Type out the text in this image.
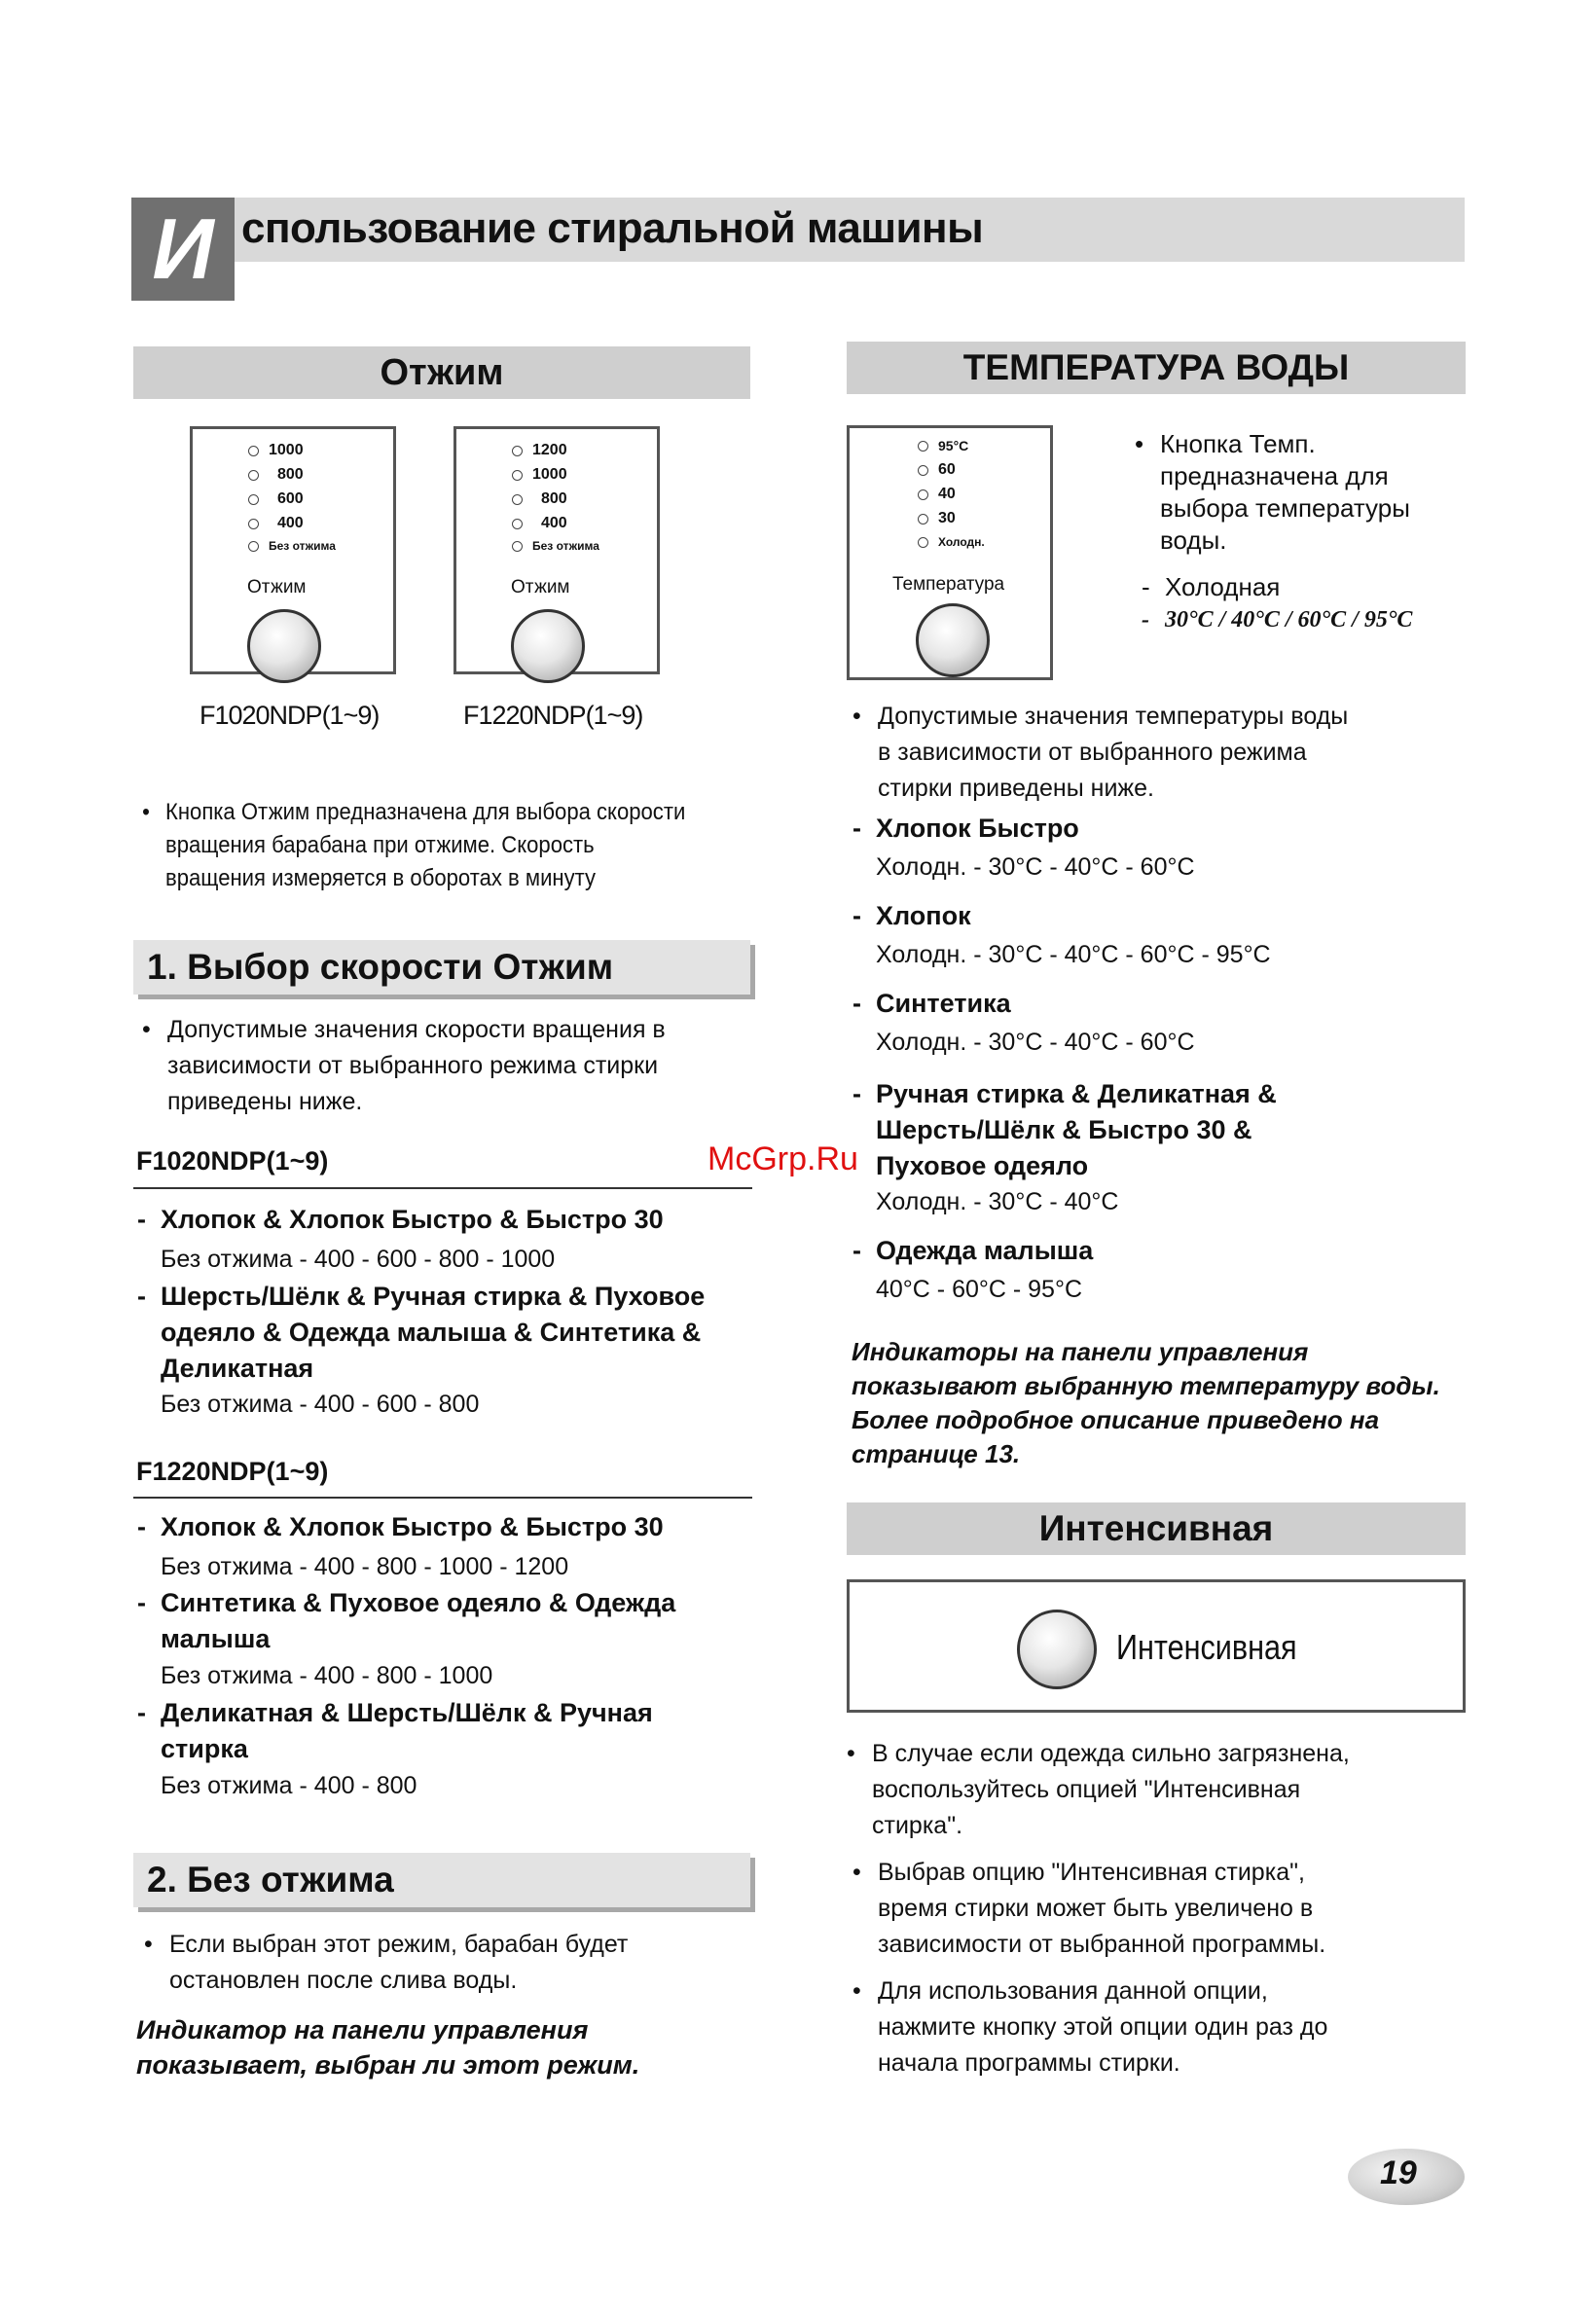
И спользование стиральной машины
Отжим
1000
800
600
400
Без отжима
Отжим
F1020NDP(1~9)
1200
1000
800
400
Без отжима
Отжим
F1220NDP(1~9)
• Кнопка Отжим предназначена для выбора скорости
вращения барабана при отжиме. Скорость
вращения измеряется в оборотах в минуту
1. Выбор скорости Отжим
• Допустимые значения скорости вращения в
зависимости от выбранного режима стирки
приведены ниже.
F1020NDP(1~9)
- Хлопок & Хлопок Быстро & Быстро 30
Без отжима - 400 - 600 - 800 - 1000
- Шерсть/Шёлк & Ручная стирка & Пуховое
одеяло & Одежда малыша & Синтетика &
Деликатная
Без отжима - 400 - 600 - 800
F1220NDP(1~9)
- Хлопок & Хлопок Быстро & Быстро 30
Без отжима - 400 - 800 - 1000 - 1200
- Синтетика & Пуховое одеяло & Одежда
малыша
Без отжима - 400 - 800 - 1000
- Деликатная & Шерсть/Шёлк & Ручная
стирка
Без отжима - 400 - 800
2. Без отжима
• Если выбран этот режим, барабан будет
остановлен после слива воды.
Индикатор на панели управления
показывает, выбран ли этот режим.
ТЕМПЕРАТУРА ВОДЫ
95°C
60
40
30
Холодн.
Температура
• Кнопка Темп.
предназначена для
выбора температуры
воды.
- Холодная
- 30°C / 40°C / 60°C / 95°C
• Допустимые значения температуры воды
в зависимости от выбранного режима
стирки приведены ниже.
- Хлопок Быстро
Холодн. - 30°C - 40°C - 60°C
- Хлопок
Холодн. - 30°C - 40°C - 60°C - 95°C
- Синтетика
Холодн. - 30°C - 40°C - 60°C
- Ручная стирка & Деликатная &
Шерсть/Шёлк & Быстро 30 &
Пуховое одеяло
Холодн. - 30°C - 40°C
- Одежда малыша
40°C - 60°C - 95°C
Индикаторы на панели управления
показывают выбранную температуру воды.
Более подробное описание приведено на
странице 13.
Интенсивная
Интенсивная
• В случае если одежда сильно загрязнена,
воспользуйтесь опцией "Интенсивная
стирка".
• Выбрав опцию "Интенсивная стирка",
время стирки может быть увеличено в
зависимости от выбранной программы.
• Для использования данной опции,
нажмите кнопку этой опции один раз до
начала программы стирки.
McGrp.Ru
19
